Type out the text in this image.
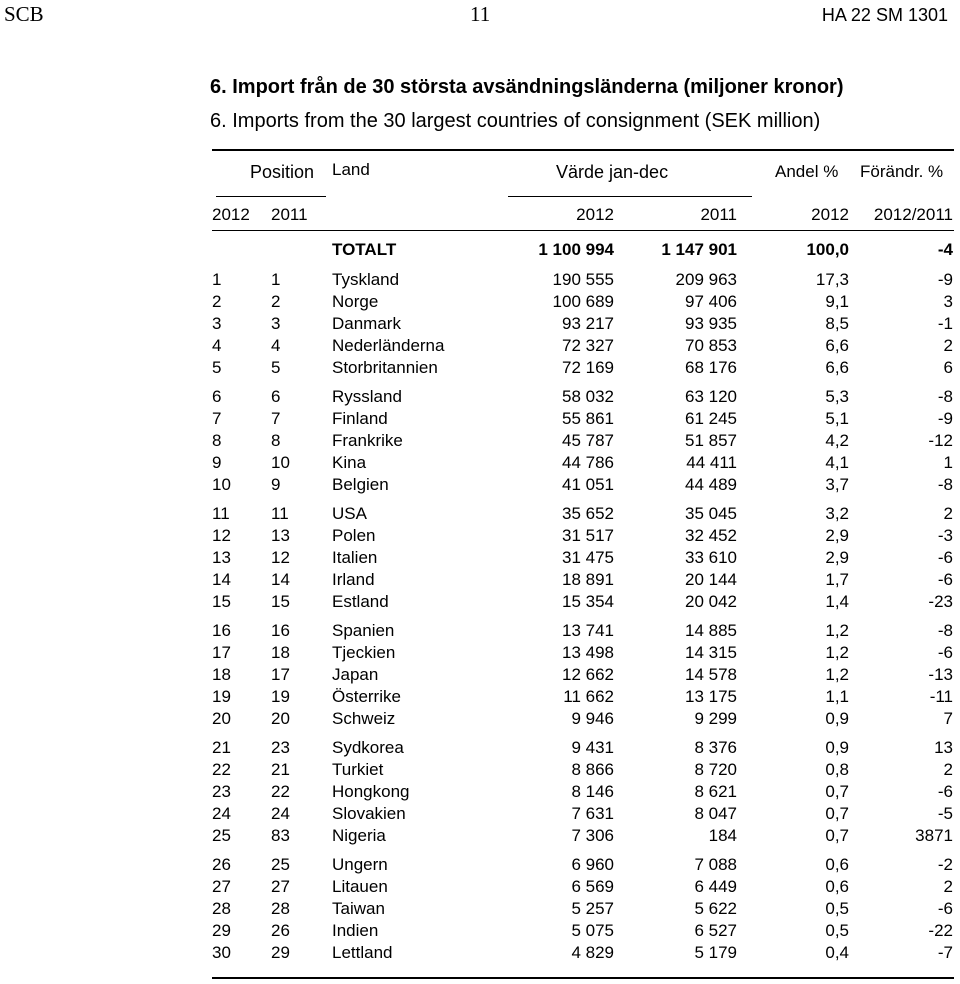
SCB	11	HA 22 SM 1301
6. Import från de 30 största avsändningsländerna (miljoner kronor)
6. Imports from the 30 largest countries of consignment (SEK million)
Position Land	Värde jan-dec	Andel % Förändr. %
2012 2011	2012	2011	2012 2012/2011
TOTALT	1 100 994	1 147 901	100,0	-4
1	1	Tyskland	190 555	209 963	17,3	-9
2	2	Norge	100 689	97 406	9,1	3
3	3	Danmark	93 217	93 935	8,5	-1
4	4	Nederländerna	72 327	70 853	6,6	2
5	5	Storbritannien	72 169	68 176	6,6	6
6	6	Ryssland	58 032	63 120	5,3	-8
7	7	Finland	55 861	61 245	5,1	-9
8	8	Frankrike	45 787	51 857	4,2	-12
9	10 Kina	44 786	44 411	4,1	1
10 9	Belgien	41 051	44 489	3,7	-8
11 11	USA	35 652	35 045	3,2	2
12 13 Polen	31 517	32 452	2,9	-3
13 12 Italien	31 475	33 610	2,9	-6
14 14 Irland	18 891	20 144	1,7	-6
15 15 Estland	15 354	20 042	1,4	-23
16 16 Spanien	13 741	14 885	1,2	-8
17 18 Tjeckien	13 498	14 315	1,2	-6
18 17 Japan	12 662	14 578	1,2	-13
19 19 Österrike	11 662	13 175	1,1	-11
20 20 Schweiz	9 946	9 299	0,9	7
21 23 Sydkorea	9 431	8 376	0,9	13
22 21 Turkiet	8 866	8 720	0,8	2
23 22 Hongkong	8 146	8 621	0,7	-6
24 24 Slovakien	7 631	8 047	0,7	-5
25 83 Nigeria	7 306	184	0,7	3871
26 25 Ungern	6 960	7 088	0,6	-2
27 27 Litauen	6 569	6 449	0,6	2
28 28 Taiwan	5 257	5 622	0,5	-6
29 26 Indien	5 075	6 527	0,5	-22
30 29 Lettland	4 829	5 179	0,4	-7
